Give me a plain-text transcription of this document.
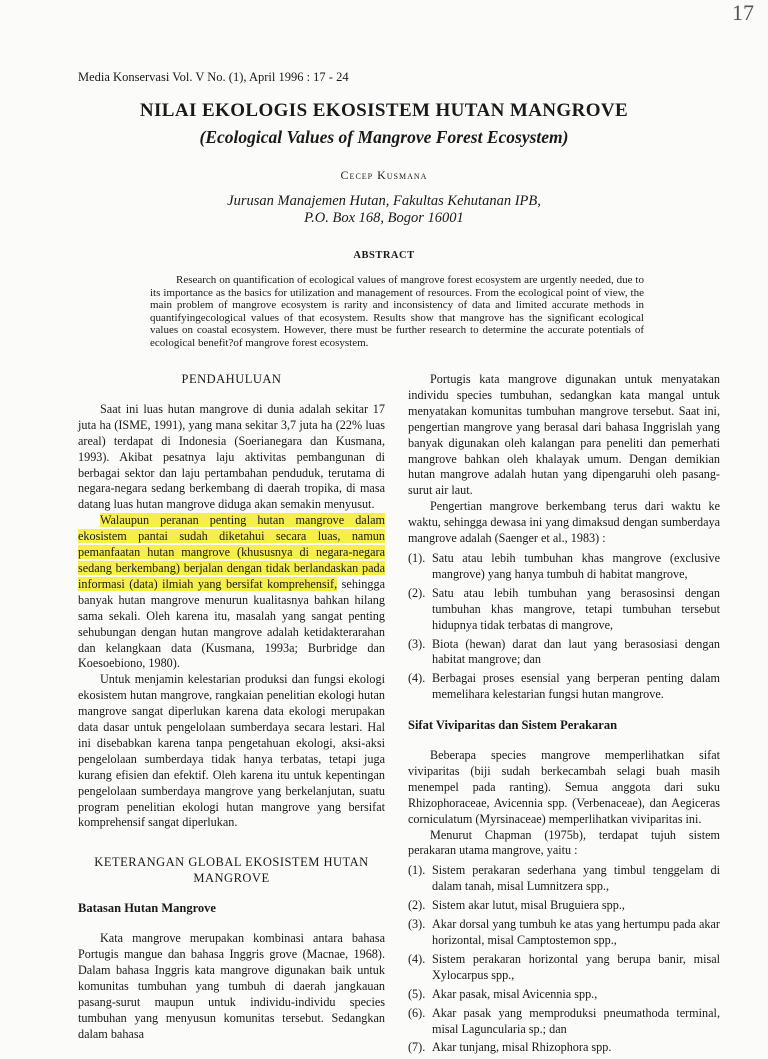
17
Media Konservasi Vol. V No. (1), April 1996 : 17 - 24
NILAI EKOLOGIS EKOSISTEM HUTAN MANGROVE
(Ecological Values of Mangrove Forest Ecosystem)
Cecep Kusmana
Jurusan Manajemen Hutan, Fakultas Kehutanan IPB,
P.O. Box 168, Bogor 16001
ABSTRACT

Research on quantification of ecological values of mangrove forest ecosystem are urgently needed, due to its importance as the basics for utilization and management of resources. From the ecological point of view, the main problem of mangrove ecosystem is rarity and inconsistency of data and limited accurate methods in quantifyingecological values of that ecosystem. Results show that mangrove has the significant ecological values on coastal ecosystem. However, there must be further research to determine the accurate potentials of ecological benefit?of mangrove forest ecosystem.

PENDAHULUAN

Saat ini luas hutan mangrove di dunia adalah sekitar 17 juta ha (ISME, 1991), yang mana sekitar 3,7 juta ha (22% luas areal) terdapat di Indonesia (Soerianegara dan Kusmana, 1993). Akibat pesatnya laju aktivitas pembangunan di berbagai sektor dan laju pertambahan penduduk, terutama di negara-negara sedang berkembang di daerah tropika, di masa datang luas hutan mangrove diduga akan semakin menyusut.

Walaupun peranan penting hutan mangrove dalam ekosistem pantai sudah diketahui secara luas, namun pemanfaatan hutan mangrove (khususnya di negara-negara sedang berkembang) berjalan dengan tidak berlandaskan pada informasi (data) ilmiah yang bersifat komprehensif, sehingga banyak hutan mangrove menurun kualitasnya bahkan hilang sama sekali. Oleh karena itu, masalah yang sangat penting sehubungan dengan hutan mangrove adalah ketidakterarahan dan kelangkaan data (Kusmana, 1993a; Burbridge dan Koesoebiono, 1980).

Untuk menjamin kelestarian produksi dan fungsi ekologi ekosistem hutan mangrove, rangkaian penelitian ekologi hutan mangrove sangat diperlukan karena data ekologi merupakan data dasar untuk pengelolaan sumberdaya secara lestari. Hal ini disebabkan karena tanpa pengetahuan ekologi, aksi-aksi pengelolaan sumberdaya tidak hanya terbatas, tetapi juga kurang efisien dan efektif. Oleh karena itu untuk kepentingan pengelolaan sumberdaya mangrove yang berkelanjutan, suatu program penelitian ekologi hutan mangrove yang bersifat komprehensif sangat diperlukan.

KETERANGAN GLOBAL EKOSISTEM HUTAN
MANGROVE
Batasan Hutan Mangrove

Kata mangrove merupakan kombinasi antara bahasa Portugis mangue dan bahasa Inggris grove (Macnae, 1968). Dalam bahasa Inggris kata mangrove digunakan baik untuk komunitas tumbuhan yang tumbuh di daerah jangkauan pasang-surut maupun untuk individu-individu species tumbuhan yang menyusun komunitas tersebut. Sedangkan dalam bahasa

Portugis kata mangrove digunakan untuk menyatakan individu species tumbuhan, sedangkan kata mangal untuk menyatakan komunitas tumbuhan mangrove tersebut. Saat ini, pengertian mangrove yang berasal dari bahasa Inggrislah yang banyak digunakan oleh kalangan para peneliti dan pemerhati mangrove bahkan oleh khalayak umum. Dengan demikian hutan mangrove adalah hutan yang dipengaruhi oleh pasang-surut air laut.

Pengertian mangrove berkembang terus dari waktu ke waktu, sehingga dewasa ini yang dimaksud dengan sumberdaya mangrove adalah (Saenger et al., 1983) :

(1). Satu atau lebih tumbuhan khas mangrove (exclusive mangrove) yang hanya tumbuh di habitat mangrove,
(2). Satu atau lebih tumbuhan yang berasosinsi dengan tumbuhan khas mangrove, tetapi tumbuhan tersebut hidupnya tidak terbatas di mangrove,
(3). Biota (hewan) darat dan laut yang berasosiasi dengan habitat mangrove; dan
(4). Berbagai proses esensial yang berperan penting dalam memelihara kelestarian fungsi hutan mangrove.
Sifat Viviparitas dan Sistem Perakaran

Beberapa species mangrove memperlihatkan sifat viviparitas (biji sudah berkecambah selagi buah masih menempel pada ranting). Semua anggota dari suku Rhizophoraceae, Avicennia spp. (Verbenaceae), dan Aegiceras corniculatum (Myrsinaceae) memperlihatkan viviparitas ini.

Menurut Chapman (1975b), terdapat tujuh sistem perakaran utama mangrove, yaitu :

(1). Sistem perakaran sederhana yang timbul tenggelam di dalam tanah, misal Lumnitzera spp.,
(2). Sistem akar lutut, misal Bruguiera spp.,
(3). Akar dorsal yang tumbuh ke atas yang hertumpu pada akar horizontal, misal Camptostemon spp.,
(4). Sistem perakaran horizontal yang berupa banir, misal Xylocarpus spp.,
(5). Akar pasak, misal Avicennia spp.,
(6). Akar pasak yang memproduksi pneumathoda terminal, misal Laguncularia sp.; dan
(7). Akar tunjang, misal Rhizophora spp.
